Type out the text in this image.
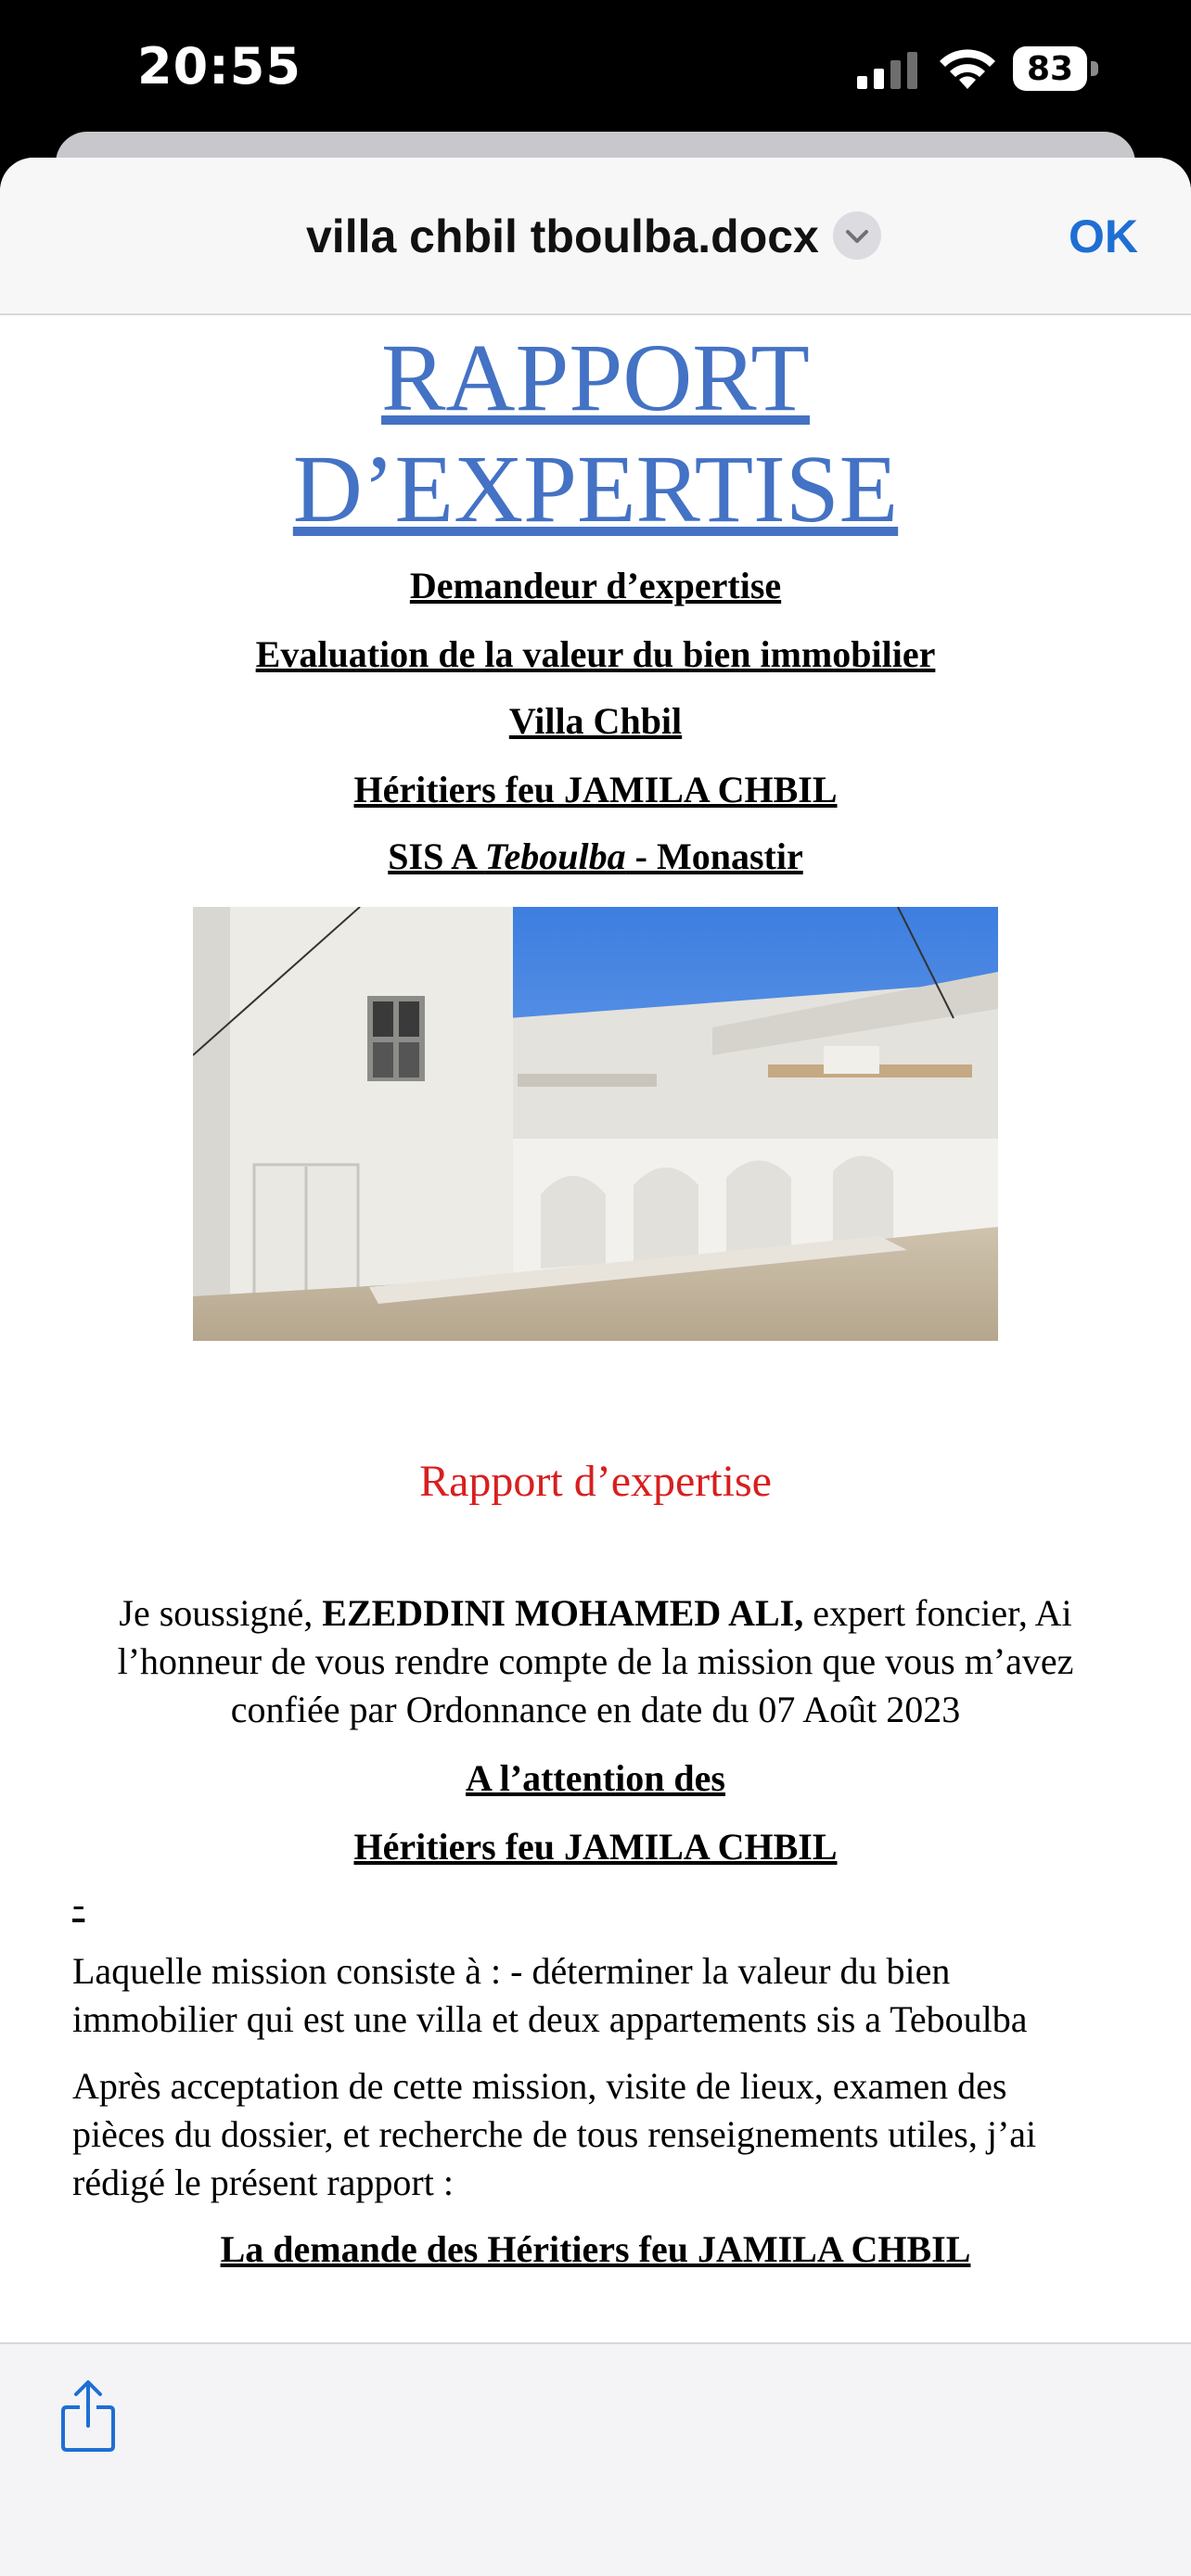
20:55	83
villa chbil tboulba.docx	OK
RAPPORT
D’EXPERTISE
Demandeur d’expertise
Evaluation de la valeur du bien immobilier
Villa Chbil
Héritiers feu JAMILA CHBIL
SIS A Teboulba - Monastir
Rapport d’expertise
Je soussigné, EZEDDINI MOHAMED ALI, expert foncier, Ai
l’honneur de vous rendre compte de la mission que vous m’avez
confiée par Ordonnance en date du 07 Août 2023
A l’attention des
Héritiers feu JAMILA CHBIL
-
Laquelle mission consiste à : - déterminer la valeur du bien
immobilier qui est une villa et deux appartements sis a Teboulba
Après acceptation de cette mission, visite de lieux, examen des
pièces du dossier, et recherche de tous renseignements utiles, j’ai
rédigé le présent rapport :
La demande des Héritiers feu JAMILA CHBIL
